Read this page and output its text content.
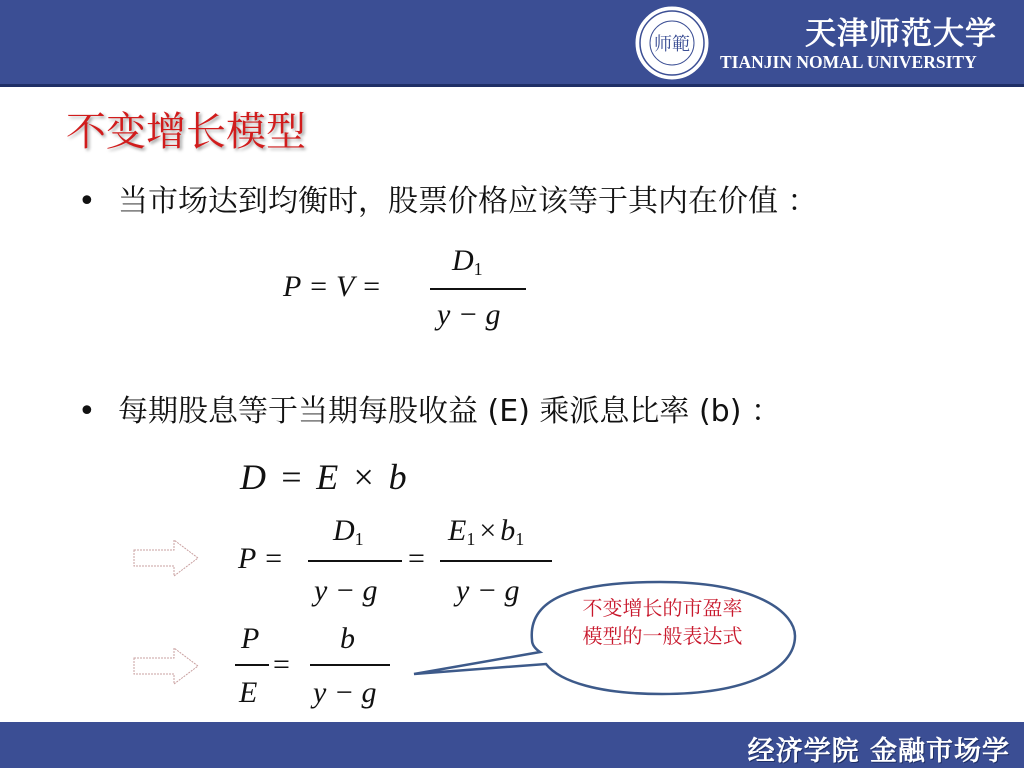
师範	天津师范大学
TIANJIN NOMAL UNIVERSITY
不变增长模型
• 当市场达到均衡时，股票价格应该等于其内在价值 ：
P = V =
D1
y − g
• 每期股息等于当期每股收益 (E) 乘派息比率 (b) ：
D = E × b
P =
D1
y − g
=
E1 × b1
y − g
P
E
=
b
y − g
不变增长的市盈率模型的一般表达式
经济学院 金融市场学
